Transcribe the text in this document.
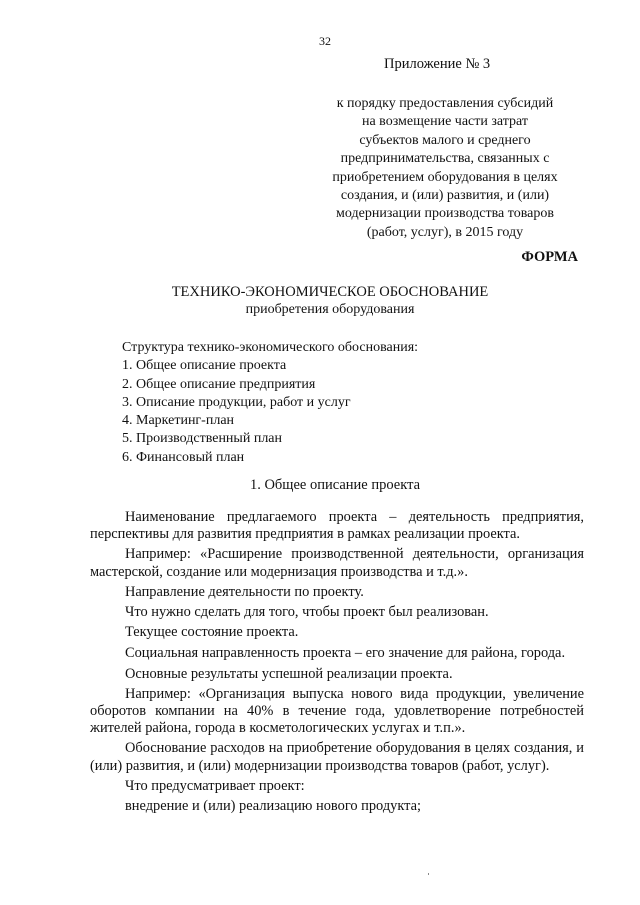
32
Приложение № 3
к порядку предоставления субсидий
на возмещение части затрат
субъектов малого и среднего
предпринимательства, связанных с
приобретением оборудования в целях
создания, и (или) развития, и (или)
модернизации производства товаров
(работ, услуг), в 2015 году
ФОРМА
ТЕХНИКО-ЭКОНОМИЧЕСКОЕ ОБОСНОВАНИЕ
приобретения оборудования
Структура технико-экономического обоснования:
1. Общее описание проекта
2. Общее описание предприятия
3. Описание продукции, работ и услуг
4. Маркетинг-план
5. Производственный план
6. Финансовый план
1. Общее описание проекта

Наименование предлагаемого проекта – деятельность предприятия, перспективы для развития предприятия в рамках реализации проекта.

Например: «Расширение производственной деятельности, организация мастерской, создание или модернизация производства и т.д.».

Направление деятельности по проекту.

Что нужно сделать для того, чтобы проект был реализован.

Текущее состояние проекта.

Социальная направленность проекта – его значение для района, города.

Основные результаты успешной реализации проекта.

Например: «Организация выпуска нового вида продукции, увеличение оборотов компании на 40% в течение года, удовлетворение потребностей жителей района, города в косметологических услугах и т.п.».

Обоснование расходов на приобретение оборудования в целях создания, и (или) развития, и (или) модернизации производства товаров (работ, услуг).

Что предусматривает проект:

внедрение и (или) реализацию нового продукта;
